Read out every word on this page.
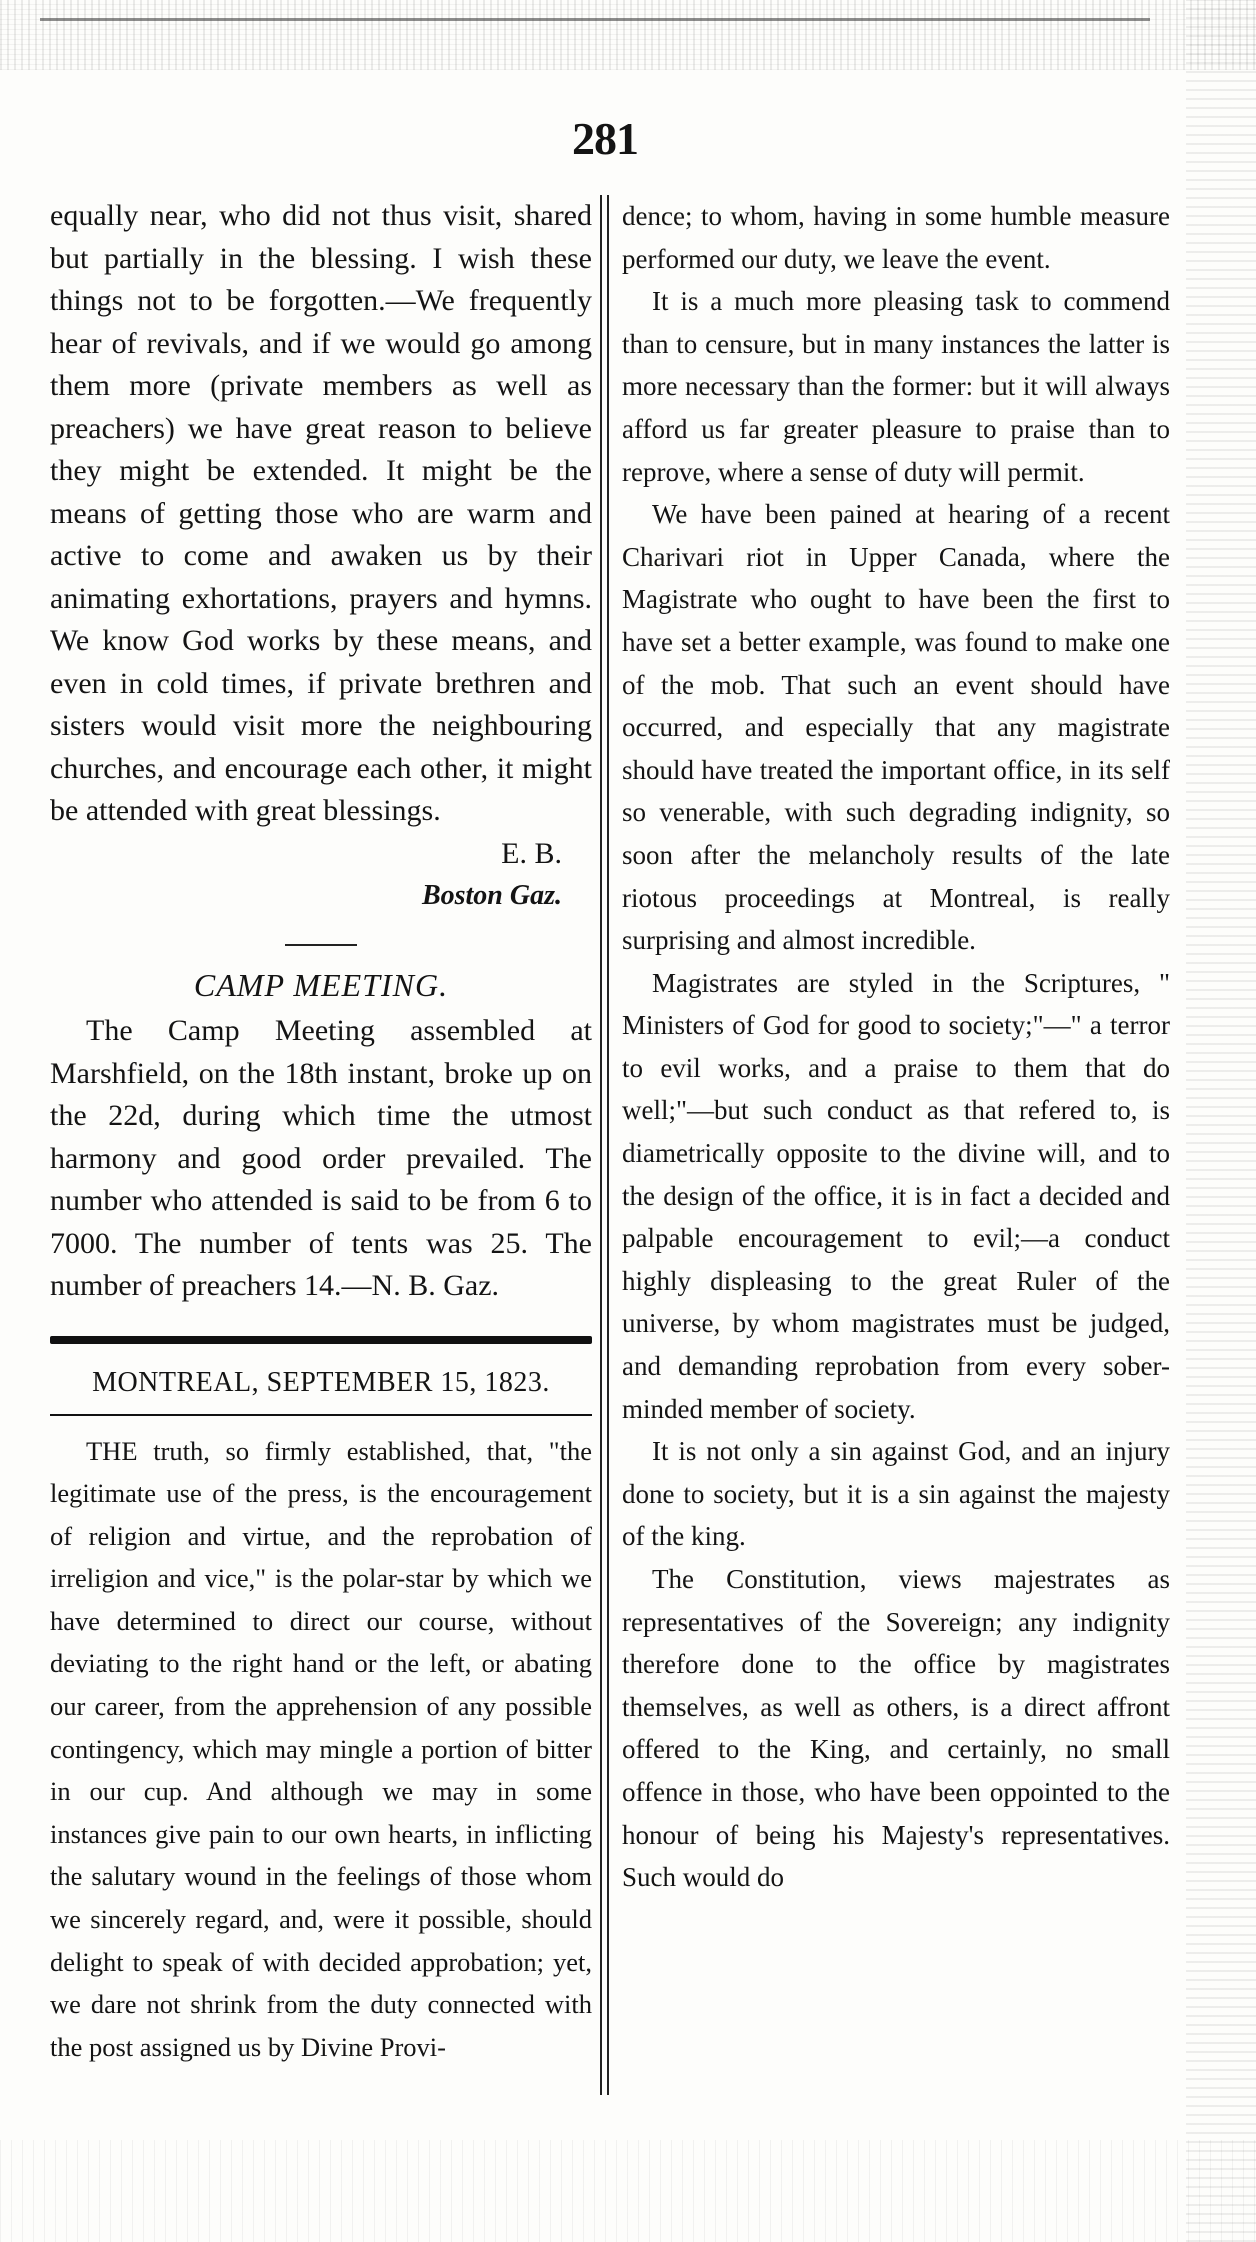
281

equally near, who did not thus visit, shared but partially in the blessing. I wish these things not to be forgotten.—We frequently hear of revivals, and if we would go among them more (private members as well as preachers) we have great reason to believe they might be extended. It might be the means of getting those who are warm and active to come and awaken us by their animating exhortations, prayers and hymns. We know God works by these means, and even in cold times, if private brethren and sisters would visit more the neighbouring churches, and encourage each other, it might be attended with great blessings.

E. B.
Boston Gaz.
CAMP MEETING.

The Camp Meeting assembled at Marshfield, on the 18th instant, broke up on the 22d, during which time the utmost harmony and good order prevailed. The number who attended is said to be from 6 to 7000. The number of tents was 25. The number of preachers 14.—N. B. Gaz.

MONTREAL, SEPTEMBER 15, 1823.

THE truth, so firmly established, that, "the legitimate use of the press, is the encouragement of religion and virtue, and the reprobation of irreligion and vice," is the polar-star by which we have determined to direct our course, without deviating to the right hand or the left, or abating our career, from the apprehension of any possible contingency, which may mingle a portion of bitter in our cup. And although we may in some instances give pain to our own hearts, in inflicting the salutary wound in the feelings of those whom we sincerely regard, and, were it possible, should delight to speak of with decided approbation; yet, we dare not shrink from the duty connected with the post assigned us by Divine Provi-

dence; to whom, having in some humble measure performed our duty, we leave the event.

It is a much more pleasing task to commend than to censure, but in many instances the latter is more necessary than the former: but it will always afford us far greater pleasure to praise than to reprove, where a sense of duty will permit.

We have been pained at hearing of a recent Charivari riot in Upper Canada, where the Magistrate who ought to have been the first to have set a better example, was found to make one of the mob. That such an event should have occurred, and especially that any magistrate should have treated the important office, in its self so venerable, with such degrading indignity, so soon after the melancholy results of the late riotous proceedings at Montreal, is really surprising and almost incredible.

Magistrates are styled in the Scriptures, " Ministers of God for good to society;"—" a terror to evil works, and a praise to them that do well;"—but such conduct as that refered to, is diametrically opposite to the divine will, and to the design of the office, it is in fact a decided and palpable encouragement to evil;—a conduct highly displeasing to the great Ruler of the universe, by whom magistrates must be judged, and demanding reprobation from every sober-minded member of society.

It is not only a sin against God, and an injury done to society, but it is a sin against the majesty of the king.

The Constitution, views majestrates as representatives of the Sovereign; any indignity therefore done to the office by magistrates themselves, as well as others, is a direct affront offered to the King, and certainly, no small offence in those, who have been oppointed to the honour of being his Majesty's representatives. Such would do
